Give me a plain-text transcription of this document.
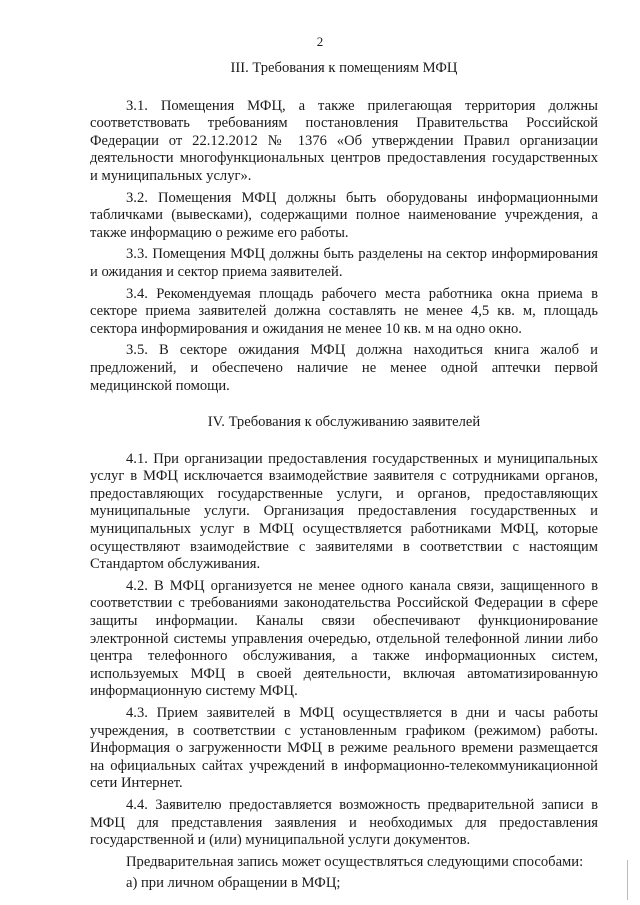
2
III. Требования к помещениям МФЦ

3.1. Помещения МФЦ, а также прилегающая территория должны соответствовать требованиям постановления Правительства Российской Федерации от 22.12.2012 № 1376 «Об утверждении Правил организации деятельности многофункциональных центров предоставления государственных и муниципальных услуг».

3.2. Помещения МФЦ должны быть оборудованы информационными табличками (вывесками), содержащими полное наименование учреждения, а также информацию о режиме его работы.

3.3. Помещения МФЦ должны быть разделены на сектор информирования и ожидания и сектор приема заявителей.

3.4. Рекомендуемая площадь рабочего места работника окна приема в секторе приема заявителей должна составлять не менее 4,5 кв. м, площадь сектора информирования и ожидания не менее 10 кв. м на одно окно.

3.5. В секторе ожидания МФЦ должна находиться книга жалоб и предложений, и обеспечено наличие не менее одной аптечки первой медицинской помощи.

IV. Требования к обслуживанию заявителей

4.1. При организации предоставления государственных и муниципальных услуг в МФЦ исключается взаимодействие заявителя с сотрудниками органов, предоставляющих государственные услуги, и органов, предоставляющих муниципальные услуги. Организация предоставления государственных и муниципальных услуг в МФЦ осуществляется работниками МФЦ, которые осуществляют взаимодействие с заявителями в соответствии с настоящим Стандартом обслуживания.

4.2. В МФЦ организуется не менее одного канала связи, защищенного в соответствии с требованиями законодательства Российской Федерации в сфере защиты информации. Каналы связи обеспечивают функционирование электронной системы управления очередью, отдельной телефонной линии либо центра телефонного обслуживания, а также информационных систем, используемых МФЦ в своей деятельности, включая автоматизированную информационную систему МФЦ.

4.3. Прием заявителей в МФЦ осуществляется в дни и часы работы учреждения, в соответствии с установленным графиком (режимом) работы. Информация о загруженности МФЦ в режиме реального времени размещается на официальных сайтах учреждений в информационно-телекоммуникационной сети Интернет.

4.4. Заявителю предоставляется возможность предварительной записи в МФЦ для представления заявления и необходимых для предоставления государственной и (или) муниципальной услуги документов.

Предварительная запись может осуществляться следующими способами:

а) при личном обращении в МФЦ;
